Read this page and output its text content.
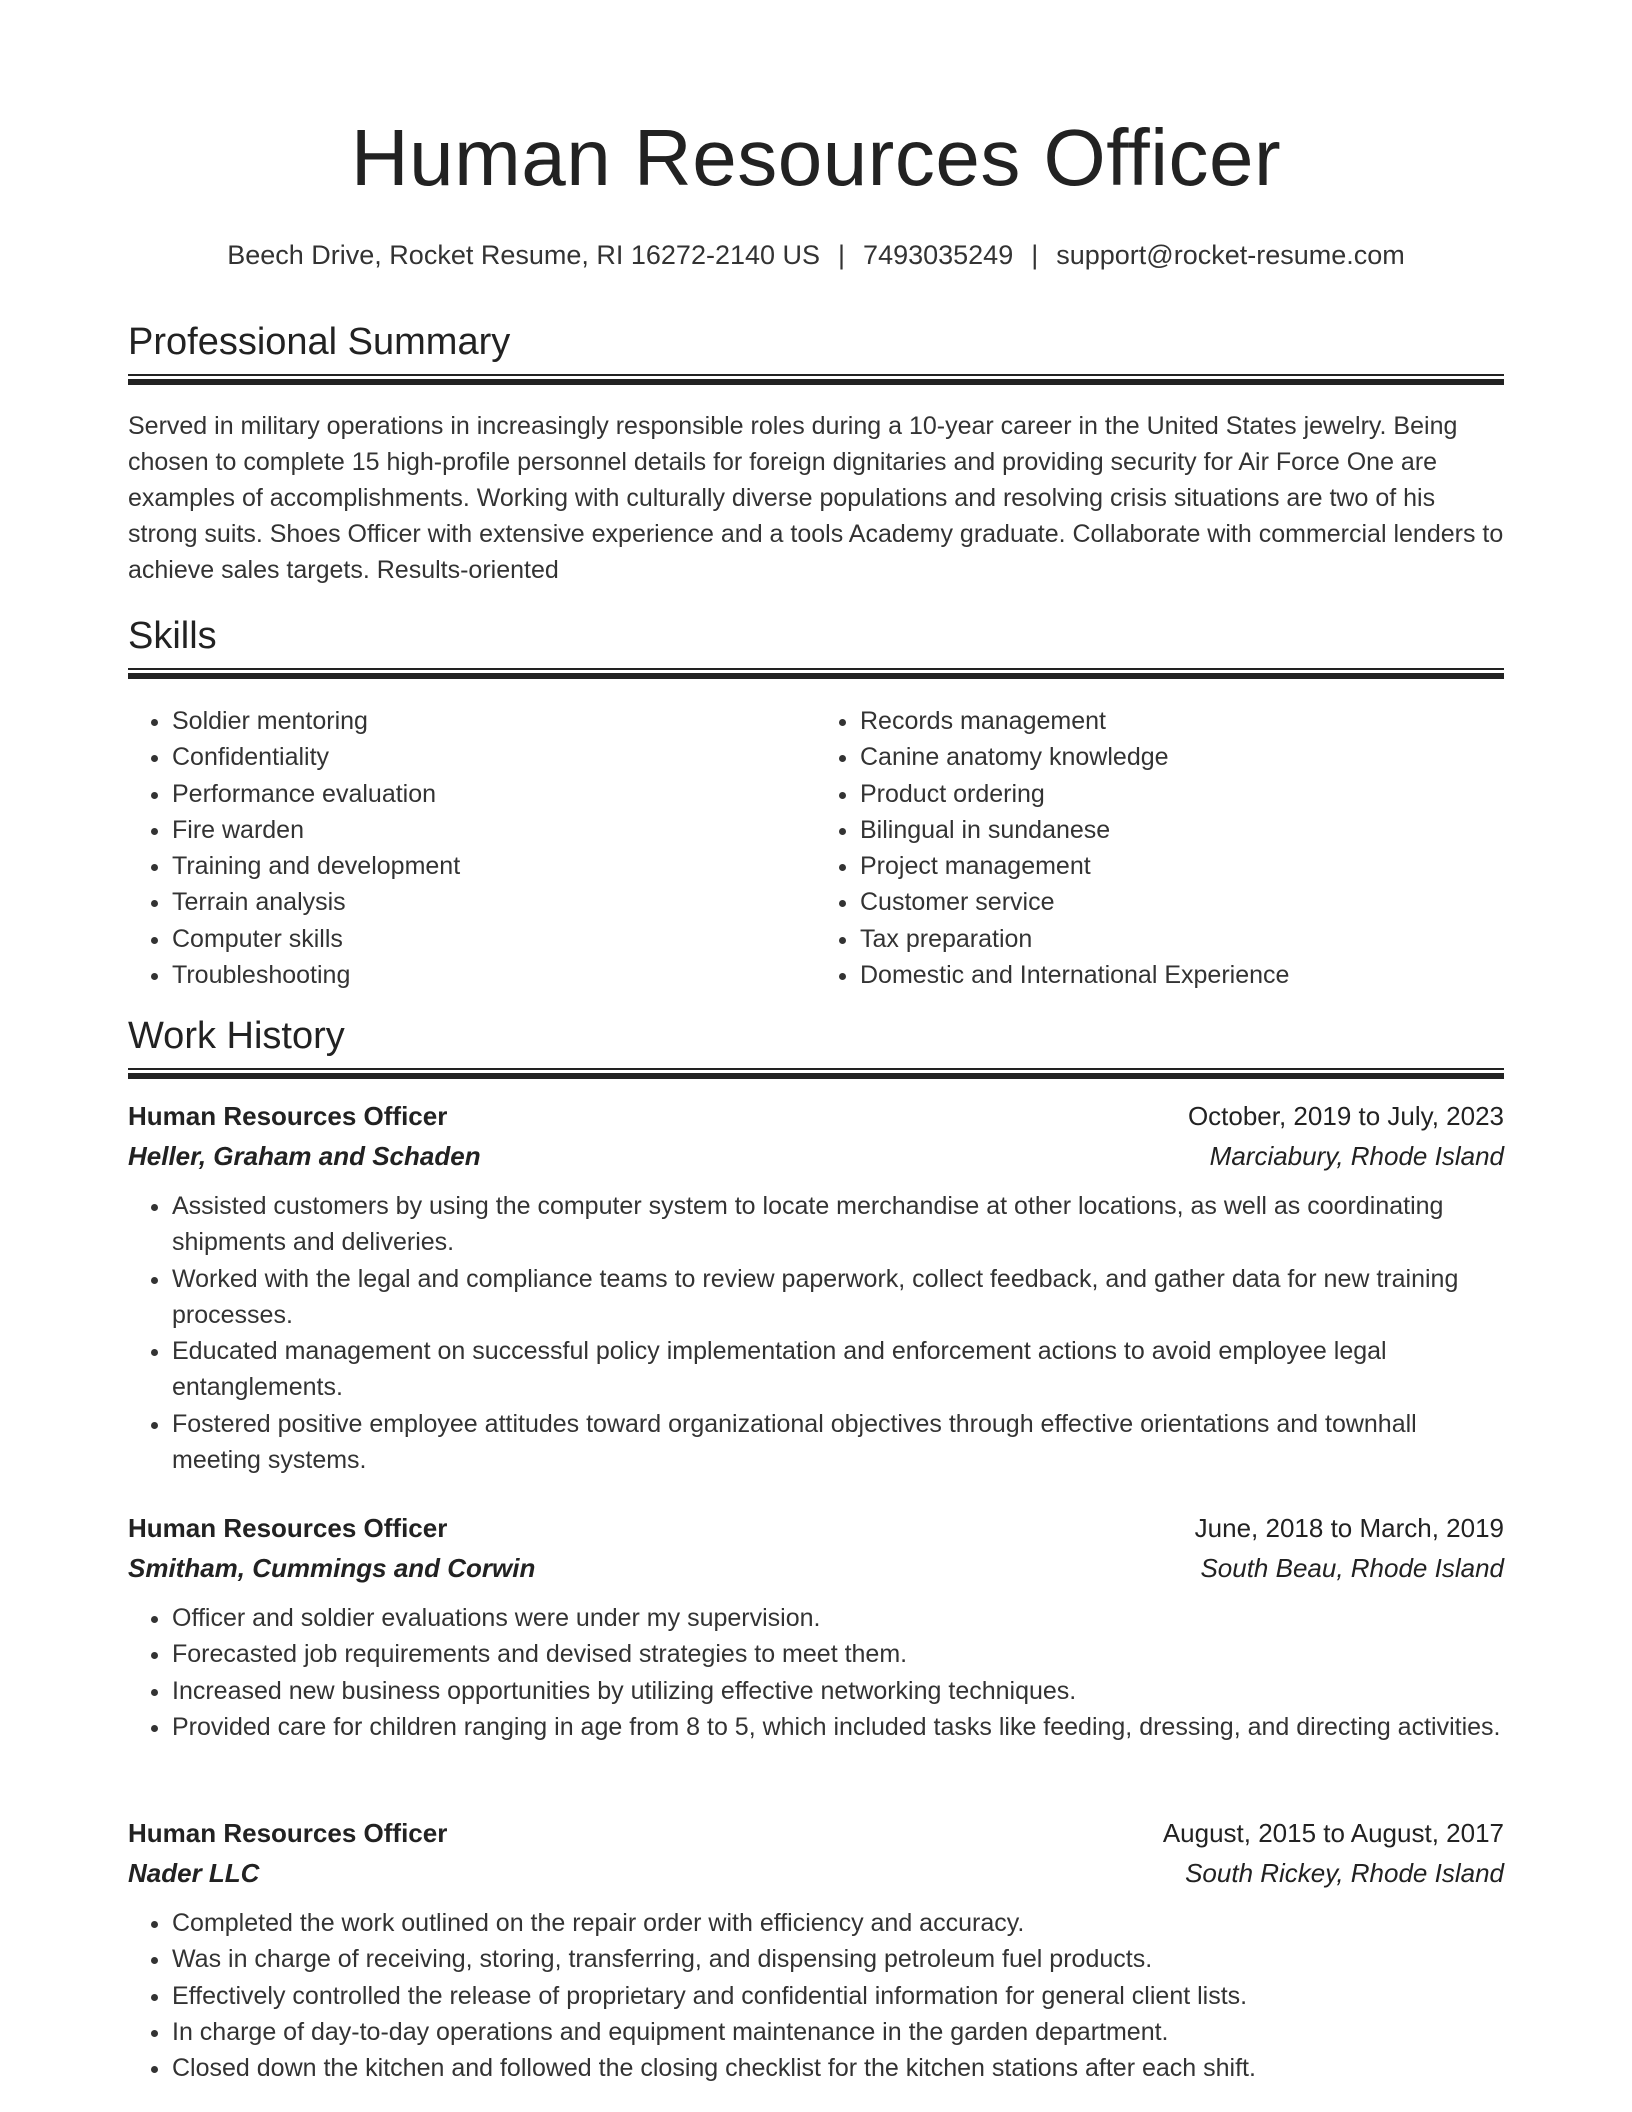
Human Resources Officer
Beech Drive, Rocket Resume, RI 16272-2140 US | 7493035249 | support@rocket-resume.com
Professional Summary

Served in military operations in increasingly responsible roles during a 10-year career in the United States jewelry. Being chosen to complete 15 high-profile personnel details for foreign dignitaries and providing security for Air Force One are examples of accomplishments. Working with culturally diverse populations and resolving crisis situations are two of his strong suits. Shoes Officer with extensive experience and a tools Academy graduate. Collaborate with commercial lenders to achieve sales targets. Results-oriented

Skills
• Soldier mentoring
• Confidentiality
• Performance evaluation
• Fire warden
• Training and development
• Terrain analysis
• Computer skills
• Troubleshooting
• Records management
• Canine anatomy knowledge
• Product ordering
• Bilingual in sundanese
• Project management
• Customer service
• Tax preparation
• Domestic and International Experience
Work History
Human Resources Officer	October, 2019 to July, 2023
Heller, Graham and Schaden	Marciabury, Rhode Island
• Assisted customers by using the computer system to locate merchandise at other locations, as well as coordinating shipments and deliveries.
• Worked with the legal and compliance teams to review paperwork, collect feedback, and gather data for new training processes.
• Educated management on successful policy implementation and enforcement actions to avoid employee legal entanglements.
• Fostered positive employee attitudes toward organizational objectives through effective orientations and townhall meeting systems.
Human Resources Officer	June, 2018 to March, 2019
Smitham, Cummings and Corwin	South Beau, Rhode Island
• Officer and soldier evaluations were under my supervision.
• Forecasted job requirements and devised strategies to meet them.
• Increased new business opportunities by utilizing effective networking techniques.
• Provided care for children ranging in age from 8 to 5, which included tasks like feeding, dressing, and directing activities.
Human Resources Officer	August, 2015 to August, 2017
Nader LLC	South Rickey, Rhode Island
• Completed the work outlined on the repair order with efficiency and accuracy.
• Was in charge of receiving, storing, transferring, and dispensing petroleum fuel products.
• Effectively controlled the release of proprietary and confidential information for general client lists.
• In charge of day-to-day operations and equipment maintenance in the garden department.
• Closed down the kitchen and followed the closing checklist for the kitchen stations after each shift.
